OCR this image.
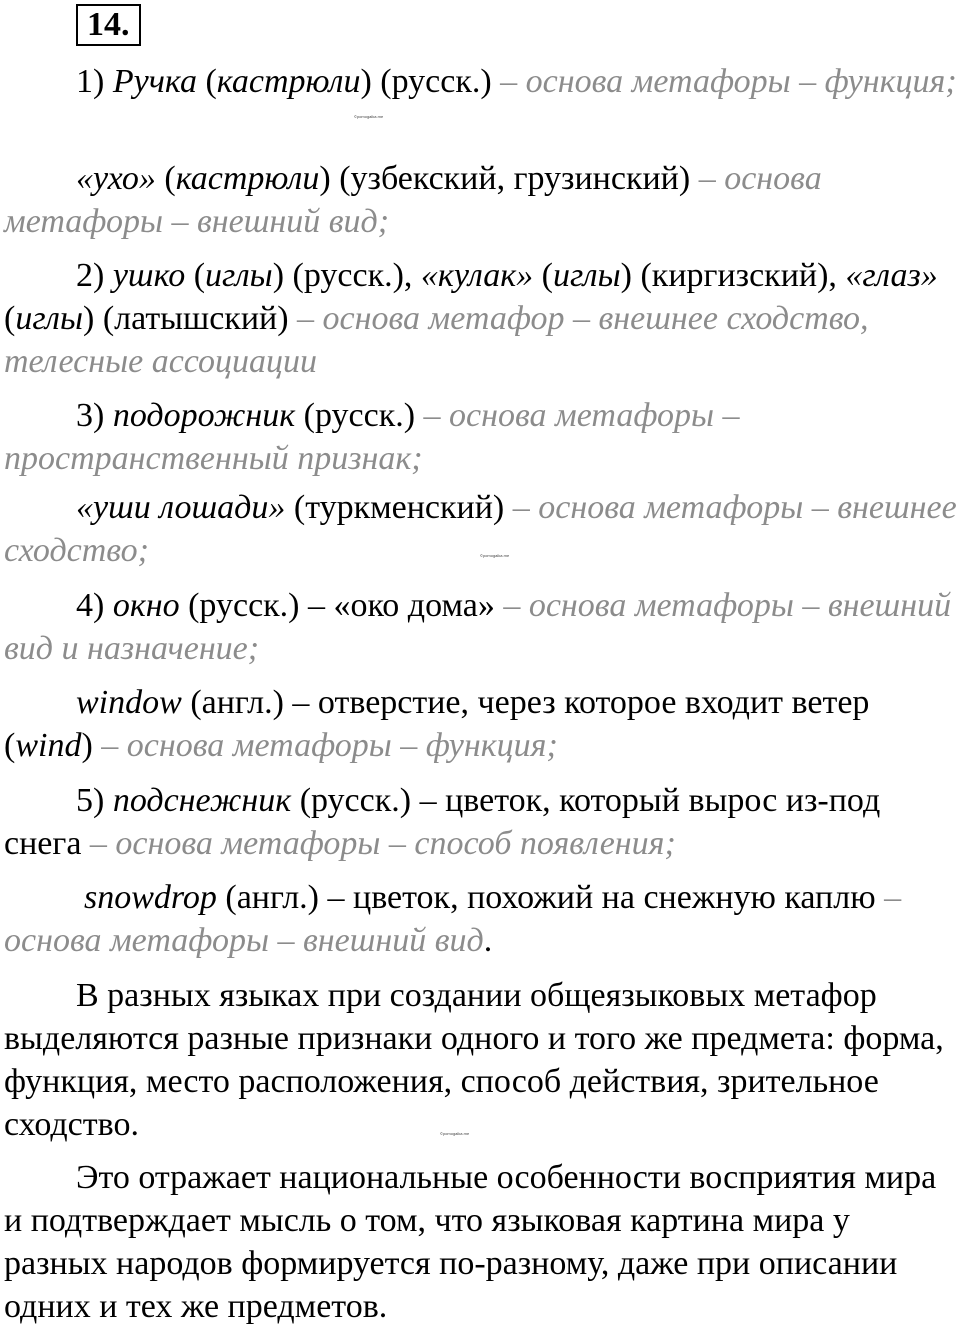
14.

1) Ручка (кастрюли) (русск.) – основа метафоры – функция;

«ухо» (кастрюли) (узбекский, грузинский) – основа метафоры – внешний вид;

2) ушко (иглы) (русск.), «кулак» (иглы) (киргизский), «глаз» (иглы) (латышский) – основа метафор – внешнее сходство, телесные ассоциации

3) подорожник (русск.) – основа метафоры – пространственный признак;

«уши лошади» (туркменский) – основа метафоры – внешнее сходство;

4) окно (русск.) – «око дома» – основа метафоры – внешний вид и назначение;

window (англ.) – отверстие, через которое входит ветер (wind) – основа метафоры – функция;

5) подснежник (русск.) – цветок, который вырос из-под снега – основа метафоры – способ появления;

snowdrop (англ.) – цветок, похожий на снежную каплю – основа метафоры – внешний вид.

В разных языках при создании общеязыковых метафор выделяются разные признаки одного и того же предмета: форма, функция, место расположения, способ действия, зрительное сходство.

Это отражает национальные особенности восприятия мира и подтверждает мысль о том, что языковая картина мира у разных народов формируется по-разному, даже при описании одних и тех же предметов.

©pomogalka.me
©pomogalka.me
©pomogalka.me
